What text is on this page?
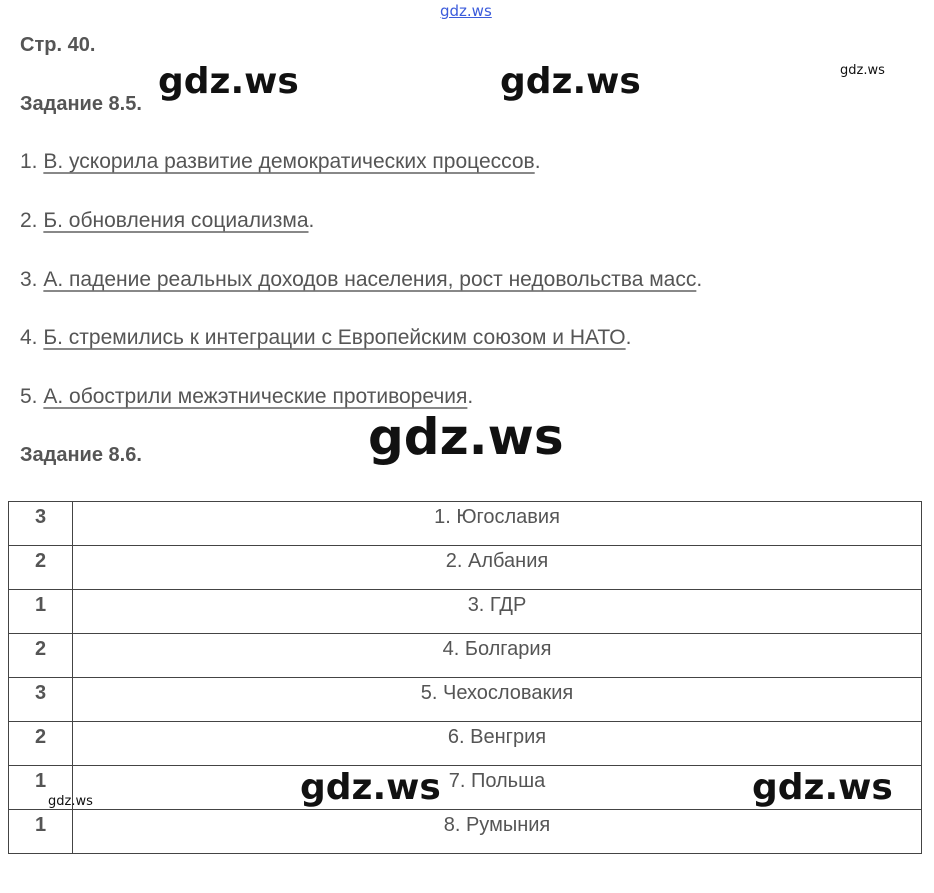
gdz.ws
gdz.ws	gdz.ws	gdz.ws
Стр. 40.
Задание 8.5.
1. В. ускорила развитие демократических процессов.
2. Б. обновления социализма.
3. А. падение реальных доходов населения, рост недовольства масс.
4. Б. стремились к интеграции с Европейским союзом и НАТО.
5. А. обострили межэтнические противоречия.
Задание 8.6.
3	1. Югославия
2	2. Албания
1	3. ГДР
2	4. Болгария
3	5. Чехословакия
2	6. Венгрия
1	7. Польша
1	8. Румыния
gdz.ws
gdz.ws	gdz.ws
gdz.ws
